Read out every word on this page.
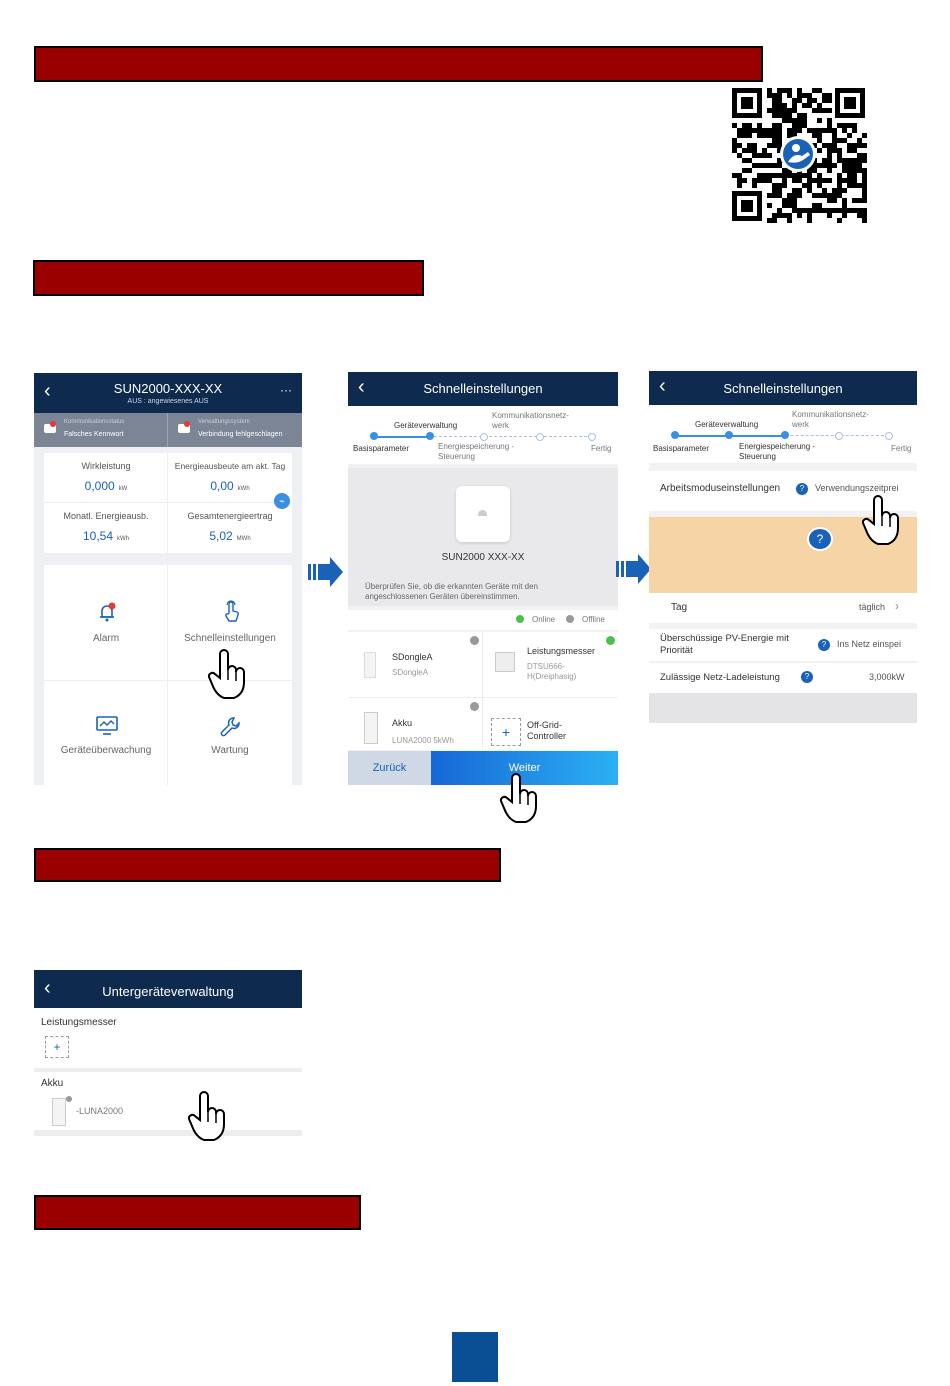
‹	SUN2000-XXX-XX
AUS : angewiesenes AUS
···
Kommunikationsstatus
Falsches Kennwort
Verwaltungssystem
Verbindung fehlgeschlagen
Wirkleistung
0,000 kW
Energieausbeute am akt. Tag
0,00 kWh
Monatl. Energieausb.
10,54 kWh
Gesamtenergieertrag
5,02 MWh
⌁
Alarm	Schnelleinstellungen
Geräteüberwachung	Wartung
‹	Schnelleinstellungen
Geräteverwaltung
Kommunikationsnetz-
werk
Basisparameter	Energiespeicherung -
Steuerung
Fertig
SUN2000 XXX-XX
Überprüfen Sie, ob die erkannten Geräte mit den angeschlossenen Geräten übereinstimmen.
Online	Offline
SDongleA
SDongleA
Leistungsmesser
DTSU666-
H(Dreiphasig)
Akku
LUNA2000 5kWh
+	Off-Grid-
Controller
Zurück	Weiter
‹	Schnelleinstellungen
Geräteverwaltung
Kommunikationsnetz-
werk
Basisparameter	Energiespeicherung -
Steuerung
Fertig
Arbeitsmoduseinstellungen	?	Verwendungszeitprei
?
Tag	täglich ›
Überschüssige PV-Energie mit
Priorität
?	Ins Netz einspei
Zulässige Netz-Ladeleistung	?	3,000kW
‹	Untergeräteverwaltung
Leistungsmesser
+
Akku
-LUNA2000
